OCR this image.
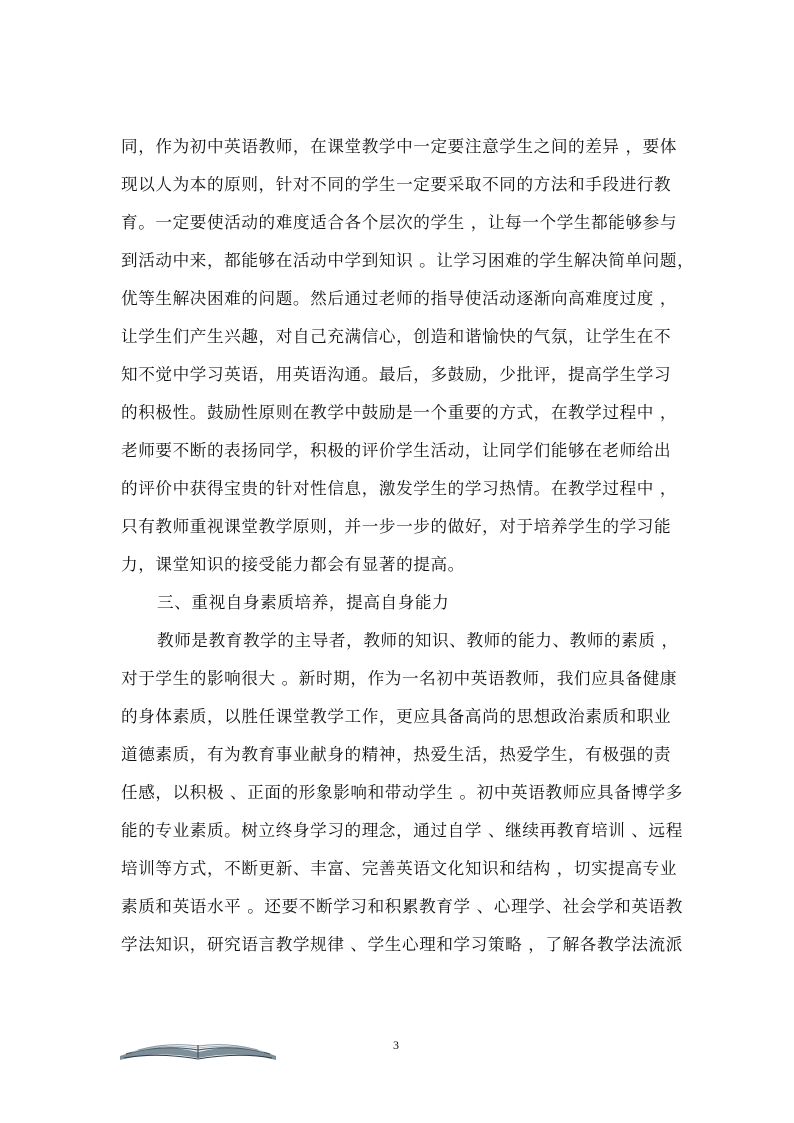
同，作为初中英语教师，在课堂教学中一定要注意学生之间的差异 ，要体
现以人为本的原则，针对不同的学生一定要采取不同的方法和手段进行教
育。一定要使活动的难度适合各个层次的学生 ，让每一个学生都能够参与
到活动中来，都能够在活动中学到知识 。让学习困难的学生解决简单问题，
优等生解决困难的问题。然后通过老师的指导使活动逐渐向高难度过度 ，
让学生们产生兴趣，对自己充满信心，创造和谐愉快的气氛，让学生在不
知不觉中学习英语，用英语沟通。最后，多鼓励，少批评，提高学生学习
的积极性。鼓励性原则在教学中鼓励是一个重要的方式，在教学过程中 ，
老师要不断的表扬同学，积极的评价学生活动，让同学们能够在老师给出
的评价中获得宝贵的针对性信息，激发学生的学习热情。在教学过程中 ，
只有教师重视课堂教学原则，并一步一步的做好，对于培养学生的学习能
力，课堂知识的接受能力都会有显著的提高。
三、重视自身素质培养，提高自身能力
教师是教育教学的主导者，教师的知识、教师的能力、教师的素质 ，
对于学生的影响很大 。新时期，作为一名初中英语教师，我们应具备健康
的身体素质，以胜任课堂教学工作，更应具备高尚的思想政治素质和职业
道德素质，有为教育事业献身的精神，热爱生活，热爱学生，有极强的责
任感，以积极 、正面的形象影响和带动学生 。初中英语教师应具备博学多
能的专业素质。树立终身学习的理念，通过自学 、继续再教育培训 、远程
培训等方式，不断更新、丰富、完善英语文化知识和结构 ，切实提高专业
素质和英语水平 。还要不断学习和积累教育学 、心理学、社会学和英语教
学法知识，研究语言教学规律 、学生心理和学习策略 ，了解各教学法流派
3
